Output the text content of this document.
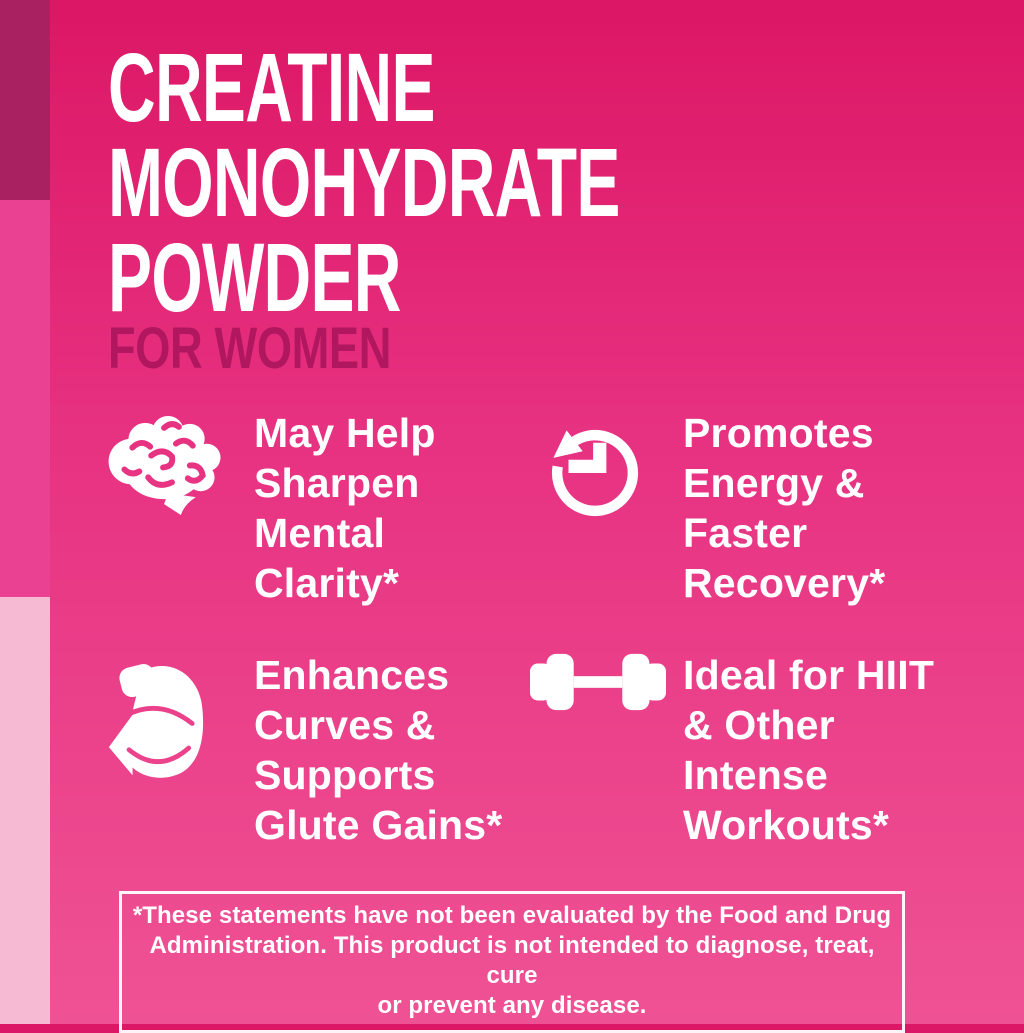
CREATINE
MONOHYDRATE
POWDER
FOR WOMEN
May Help
Sharpen
Mental
Clarity*
Promotes
Energy &
Faster
Recovery*
Enhances
Curves &
Supports
Glute Gains*
Ideal for HIIT
& Other
Intense
Workouts*
*These statements have not been evaluated by the Food and Drug
Administration. This product is not intended to diagnose, treat, cure
or prevent any disease.
